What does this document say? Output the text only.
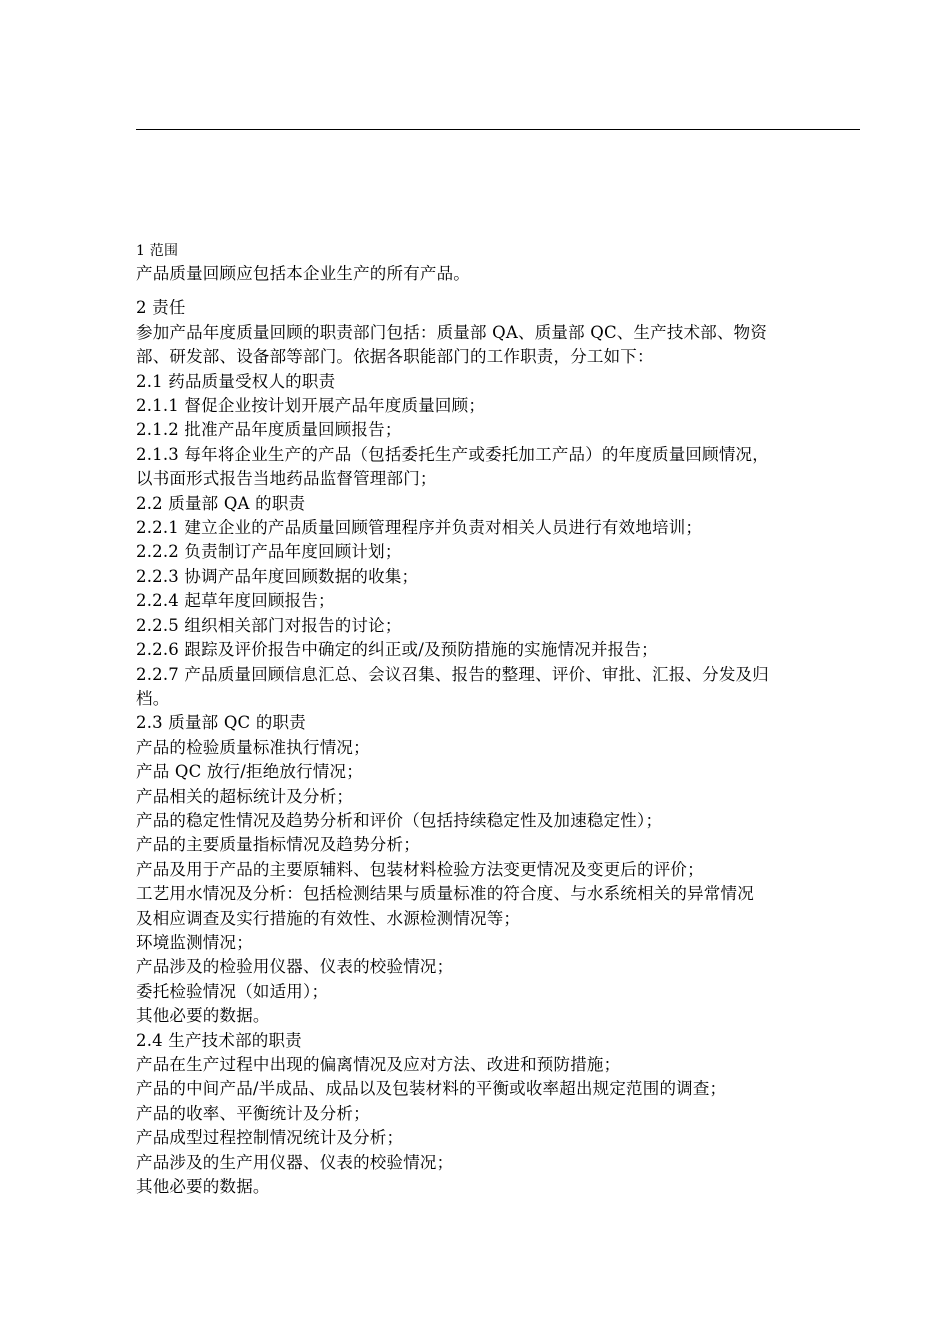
1 范围
产品质量回顾应包括本企业生产的所有产品。
2 责任
参加产品年度质量回顾的职责部门包括：质量部 QA、质量部 QC、生产技术部、物资
部、研发部、设备部等部门。依据各职能部门的工作职责，分工如下：
2.1 药品质量受权人的职责
2.1.1 督促企业按计划开展产品年度质量回顾；
2.1.2 批准产品年度质量回顾报告；
2.1.3 每年将企业生产的产品（包括委托生产或委托加工产品）的年度质量回顾情况，
以书面形式报告当地药品监督管理部门；
2.2 质量部 QA 的职责
2.2.1 建立企业的产品质量回顾管理程序并负责对相关人员进行有效地培训；
2.2.2 负责制订产品年度回顾计划；
2.2.3 协调产品年度回顾数据的收集；
2.2.4 起草年度回顾报告；
2.2.5 组织相关部门对报告的讨论；
2.2.6 跟踪及评价报告中确定的纠正或/及预防措施的实施情况并报告；
2.2.7 产品质量回顾信息汇总、会议召集、报告的整理、评价、审批、汇报、分发及归
档。
2.3 质量部 QC 的职责
产品的检验质量标准执行情况；
产品 QC 放行/拒绝放行情况；
产品相关的超标统计及分析；
产品的稳定性情况及趋势分析和评价（包括持续稳定性及加速稳定性）；
产品的主要质量指标情况及趋势分析；
产品及用于产品的主要原辅料、包装材料检验方法变更情况及变更后的评价；
工艺用水情况及分析：包括检测结果与质量标准的符合度、与水系统相关的异常情况
及相应调查及实行措施的有效性、水源检测情况等；
环境监测情况；
产品涉及的检验用仪器、仪表的校验情况；
委托检验情况（如适用）；
其他必要的数据。
2.4 生产技术部的职责
产品在生产过程中出现的偏离情况及应对方法、改进和预防措施；
产品的中间产品/半成品、成品以及包装材料的平衡或收率超出规定范围的调查；
产品的收率、平衡统计及分析；
产品成型过程控制情况统计及分析；
产品涉及的生产用仪器、仪表的校验情况；
其他必要的数据。
